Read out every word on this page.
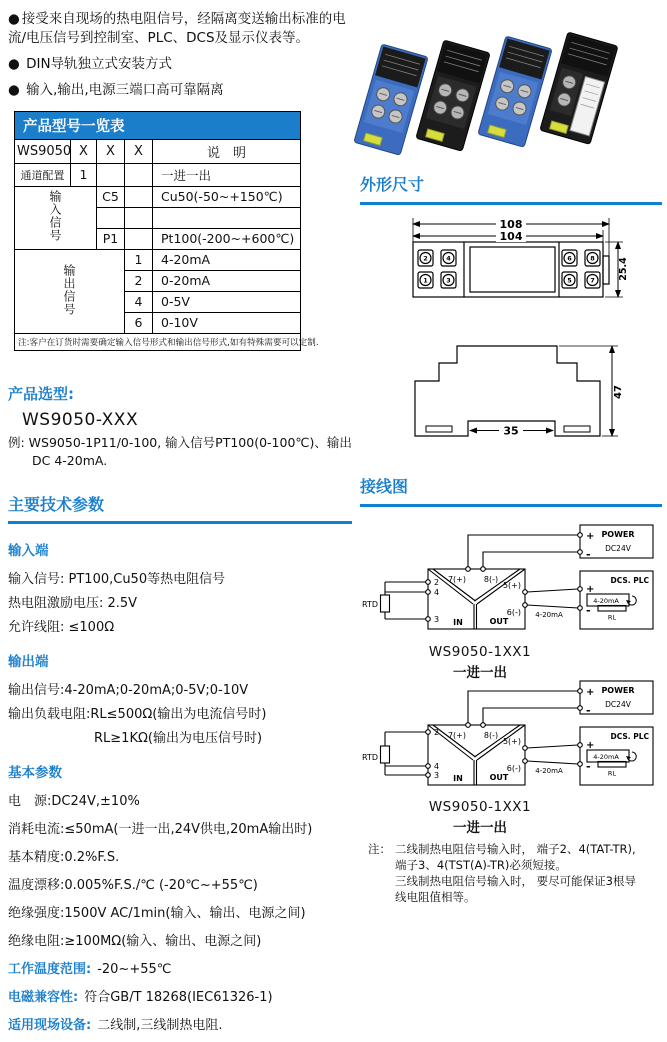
● 接受来自现场的热电阻信号，经隔离变送输出标准的电流/电压信号到控制室、PLC、DCS及显示仪表等。
● DIN导轨独立式安装方式
● 输入,输出,电源三端口高可靠隔离
产品型号一览表				
WS9050	X	X	X	说　明
通道配置	1			一进一出
输入信号		C5		Cu50(-50~+150℃)

		P1		Pt100(-200~+600℃)
输出信号			1	4-20mA
			2	0-20mA
			4	0-5V
			6	0-10V
注:客户在订货时需要确定输入信号形式和输出信号形式,如有特殊需要可以定制.				
产品选型:
WS9050-XXX
例: WS9050-1P11/0-100, 输入信号PT100(0-100℃)、输出
DC 4-20mA.
主要技术参数
输入端
输入信号: PT100,Cu50等热电阻信号
热电阻激励电压: 2.5V
允许线阻: ≤100Ω
输出端
输出信号:4-20mA;0-20mA;0-5V;0-10V
输出负载电阻:RL≤500Ω(输出为电流信号时)
RL≥1KΩ(输出为电压信号时)
基本参数
电　源:DC24V,±10%
消耗电流:≤50mA(一进一出,24V供电,20mA输出时)
基本精度:0.2%F.S.
温度漂移:0.005%F.S./℃ (-20℃~+55℃)
绝缘强度:1500V AC/1min(输入、输出、电源之间)
绝缘电阻:≥100MΩ(输入、输出、电源之间)
工作温度范围: -20~+55℃
电磁兼容性: 符合GB/T 18268(IEC61326-1)
适用现场设备: 二线制,三线制热电阻.
外形尺寸
108
104
25.4
35
47
2	4
1	3
6	8
5	7
接线图
RTD
2
4
3
7(+) 8(-)
5(+)
6(-)
IN	OUT
POWER
DC24V
+
-
DCS. PLC
+
-
4-20mA
RL
4-20mA
WS9050-1XX1
一进一出
RTD
2
4
3
7(+) 8(-)
5(+)
6(-)
IN	OUT
POWER
DC24V
+
-
DCS. PLC
+
-
4-20mA
RL
4-20mA
WS9050-1XX1
一进一出
注： 二线制热电阻信号输入时， 端子2、4(TAT-TR),
端子3、4(TST(A)-TR)必须短接。
三线制热电阻信号输入时， 要尽可能保证3根导
线电阻值相等。
